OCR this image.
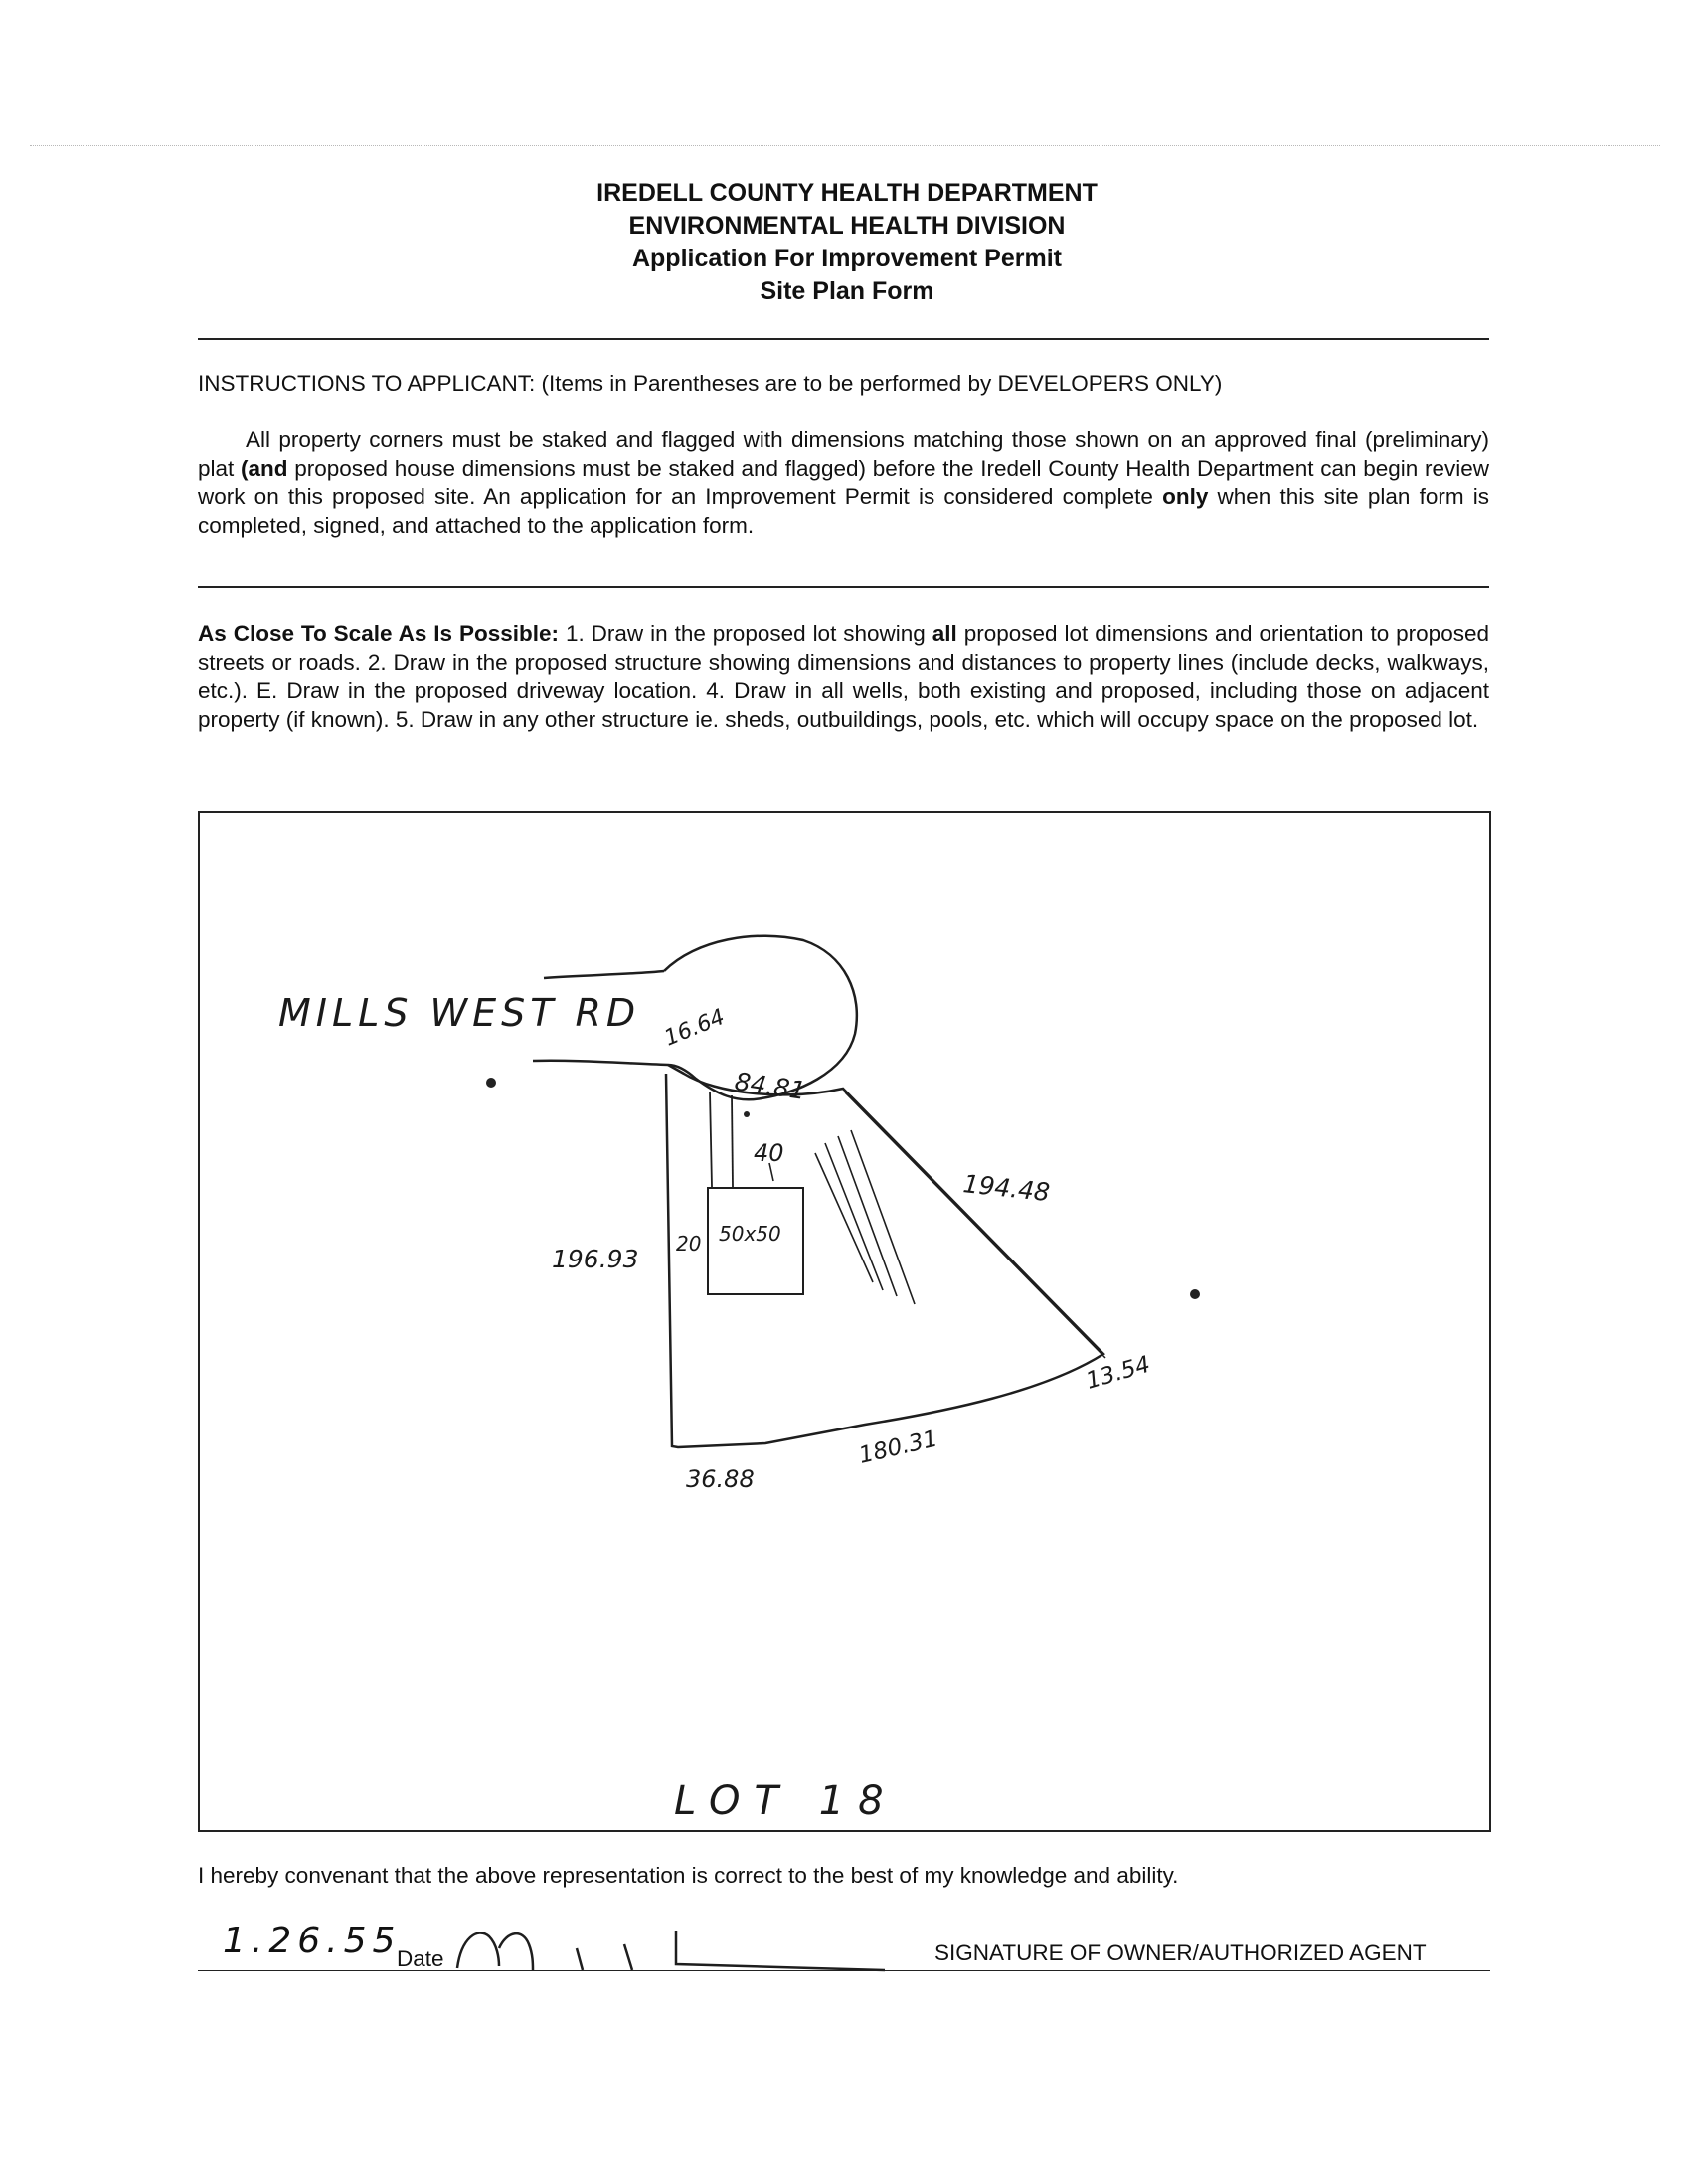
IREDELL COUNTY HEALTH DEPARTMENT
ENVIRONMENTAL HEALTH DIVISION
Application For Improvement Permit
Site Plan Form
INSTRUCTIONS TO APPLICANT: (Items in Parentheses are to be performed by DEVELOPERS ONLY)
All property corners must be staked and flagged with dimensions matching those shown on an approved final (preliminary) plat (and proposed house dimensions must be staked and flagged) before the Iredell County Health Department can begin review work on this proposed site. An application for an Improvement Permit is considered complete only when this site plan form is completed, signed, and attached to the application form.
As Close To Scale As Is Possible: 1. Draw in the proposed lot showing all proposed lot dimensions and orientation to proposed streets or roads. 2. Draw in the proposed structure showing dimensions and distances to property lines (include decks, walkways, etc.). E. Draw in the proposed driveway location. 4. Draw in all wells, both existing and proposed, including those on adjacent property (if known). 5. Draw in any other structure ie. sheds, outbuildings, pools, etc. which will occupy space on the proposed lot.
MILLS WEST RD 16.64
84.81
40
194.48
196.93
20 50x50
13.54
180.31
36.88
LOT 18
I hereby convenant that the above representation is correct to the best of my knowledge and ability.
1.26.55
Date	SIGNATURE OF OWNER/AUTHORIZED AGENT
